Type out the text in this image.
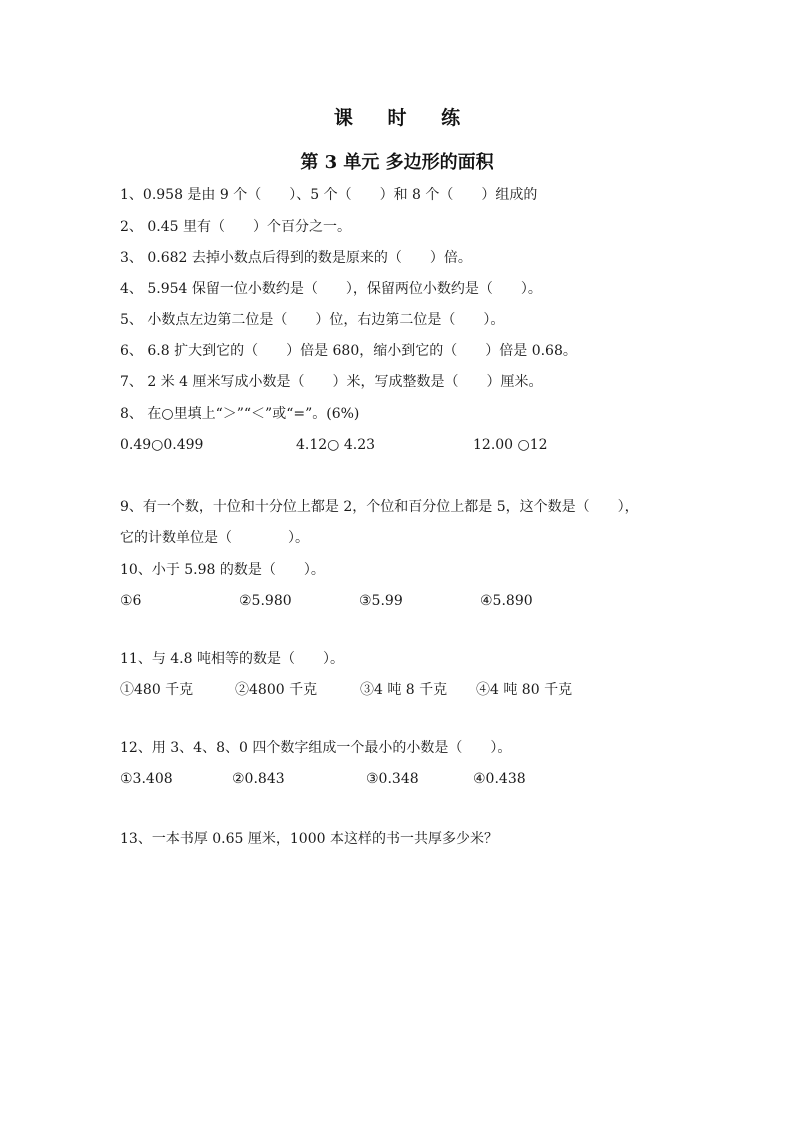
课 时 练
第 3 单元 多边形的面积
1、0.958 是由 9 个（　　）、5 个（　　）和 8 个（　　）组成的
2、 0.45 里有（　　）个百分之一。
3、 0.682 去掉小数点后得到的数是原来的（　　）倍。
4、 5.954 保留一位小数约是（　　），保留两位小数约是（　　）。
5、 小数点左边第二位是（　　）位，右边第二位是（　　）。
6、 6.8 扩大到它的（　　）倍是 680，缩小到它的（　　）倍是 0.68。
7、 2 米 4 厘米写成小数是（　　）米，写成整数是（　　）厘米。
8、 在○里填上“＞”“＜”或“=”。(6%)
0.49○0.499	4.12○ 4.23	12.00 ○12
9、有一个数，十位和十分位上都是 2，个位和百分位上都是 5，这个数是（　　），
它的计数单位是（　　　　）。
10、小于 5.98 的数是（　　）。
①6	②5.980	③5.99	④5.890
11、与 4.8 吨相等的数是（　　）。
①480 千克	②4800 千克	③4 吨 8 千克 ④4 吨 80 千克
12、用 3、4、8、0 四个数字组成一个最小的小数是（　　）。
①3.408	②0.843	③0.348	④0.438
13、一本书厚 0.65 厘米，1000 本这样的书一共厚多少米？
